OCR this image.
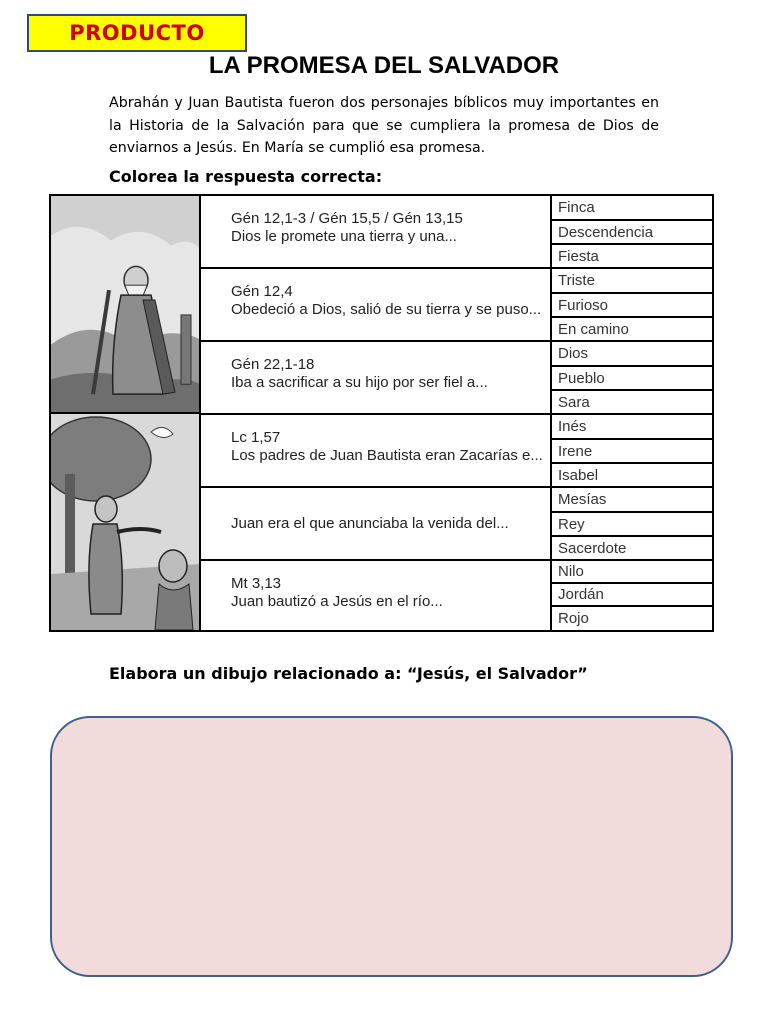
PRODUCTO
LA PROMESA DEL SALVADOR
Abrahán y Juan Bautista fueron dos personajes bíblicos muy importantes en la Historia de la Salvación para que se cumpliera la promesa de Dios de enviarnos a Jesús. En María se cumplió esa promesa.
Colorea la respuesta correcta:
Gén 12,1-3 / Gén 15,5 / Gén 13,15
Dios le promete una tierra y una...
Gén 12,4
Obedeció a Dios, salió de su tierra y se puso...
Gén 22,1-18
Iba a sacrificar a su hijo por ser fiel a...
Lc 1,57
Los padres de Juan Bautista eran Zacarías e...
Juan era el que anunciaba la venida del...
Mt 3,13
Juan bautizó a Jesús en el río...
Finca
Descendencia
Fiesta
Triste
Furioso
En camino
Dios
Pueblo
Sara
Inés
Irene
Isabel
Mesías
Rey
Sacerdote
Nilo
Jordán
Rojo
Elabora un dibujo relacionado a: “Jesús, el Salvador”
